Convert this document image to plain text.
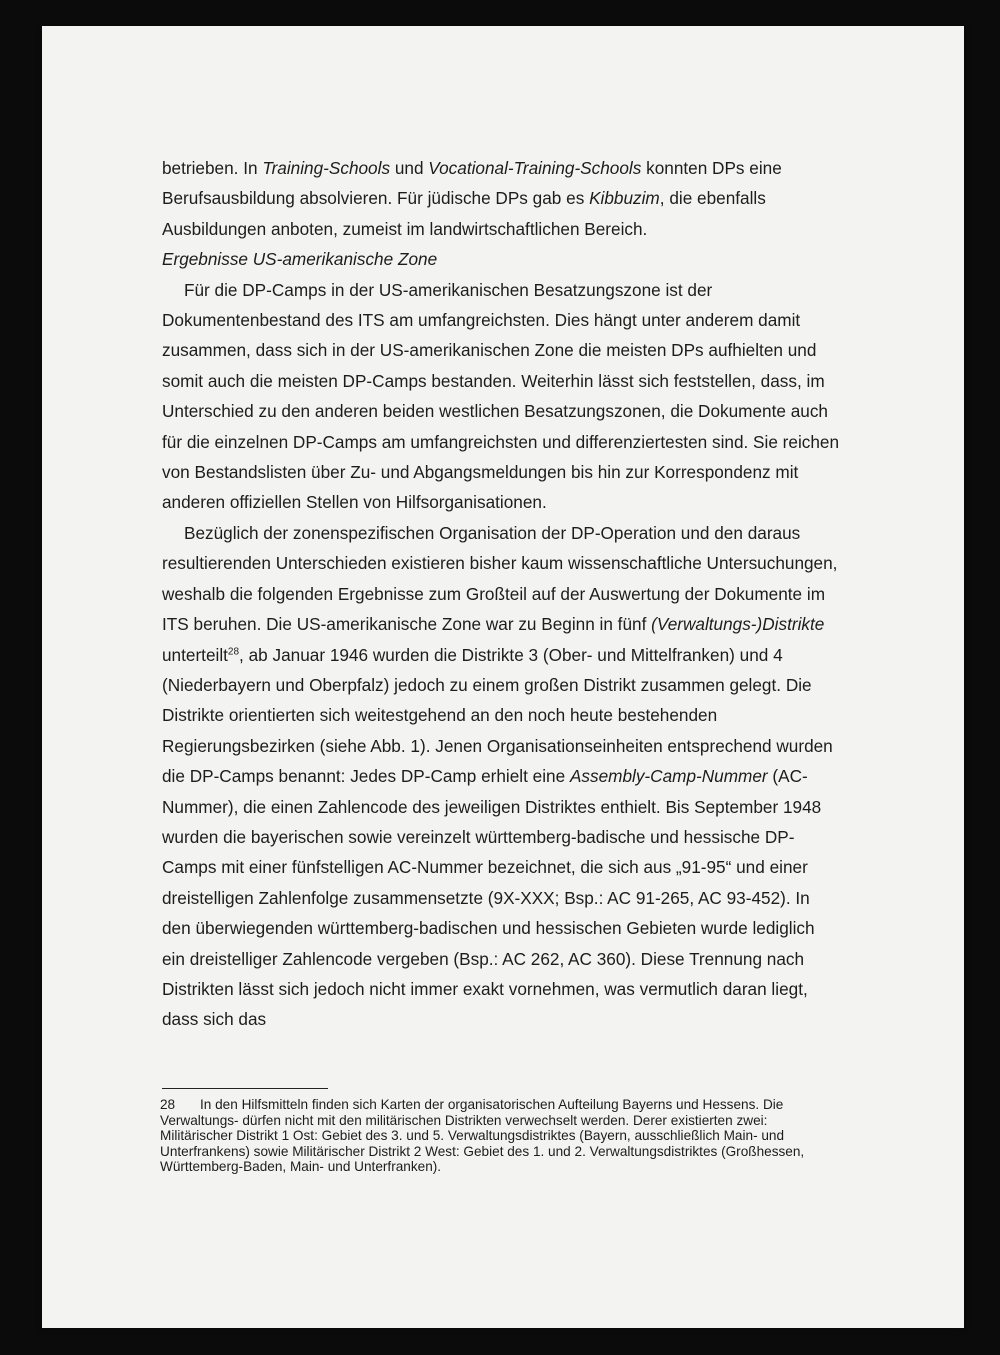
betrieben. In Training-Schools und Vocational-Training-Schools konnten DPs eine Berufsausbildung absolvieren. Für jüdische DPs gab es Kibbuzim, die ebenfalls Ausbildungen anboten, zumeist im landwirtschaftlichen Bereich.

Ergebnisse US-amerikanische Zone

Für die DP-Camps in der US-amerikanischen Besatzungszone ist der Dokumentenbestand des ITS am umfangreichsten. Dies hängt unter anderem damit zusammen, dass sich in der US-amerikanischen Zone die meisten DPs aufhielten und somit auch die meisten DP-Camps bestanden. Weiterhin lässt sich feststellen, dass, im Unterschied zu den anderen beiden westlichen Besatzungszonen, die Dokumente auch für die einzelnen DP-Camps am umfangreichsten und differenziertesten sind. Sie reichen von Bestandslisten über Zu- und Abgangsmeldungen bis hin zur Korrespondenz mit anderen offiziellen Stellen von Hilfsorganisationen.

Bezüglich der zonenspezifischen Organisation der DP-Operation und den daraus resultierenden Unterschieden existieren bisher kaum wissenschaftliche Untersuchungen, weshalb die folgenden Ergebnisse zum Großteil auf der Auswertung der Dokumente im ITS beruhen. Die US-amerikanische Zone war zu Beginn in fünf (Verwaltungs-)Distrikte unterteilt$^{28}$, ab Januar 1946 wurden die Distrikte 3 (Ober- und Mittelfranken) und 4 (Niederbayern und Oberpfalz) jedoch zu einem großen Distrikt zusammen gelegt. Die Distrikte orientierten sich weitestgehend an den noch heute bestehenden Regierungsbezirken (siehe Abb. 1). Jenen Organisationseinheiten entsprechend wurden die DP-Camps benannt: Jedes DP-Camp erhielt eine Assembly-Camp-Nummer (AC-Nummer), die einen Zahlencode des jeweiligen Distriktes enthielt. Bis September 1948 wurden die bayerischen sowie vereinzelt württemberg-badische und hessische DP-Camps mit einer fünfstelligen AC-Nummer bezeichnet, die sich aus „91-95“ und einer dreistelligen Zahlenfolge zusammensetzte (9X-XXX; Bsp.: AC 91-265, AC 93-452). In den überwiegenden württemberg-badischen und hessischen Gebieten wurde lediglich ein dreistelliger Zahlencode vergeben (Bsp.: AC 262, AC 360). Diese Trennung nach Distrikten lässt sich jedoch nicht immer exakt vornehmen, was vermutlich daran liegt, dass sich das

28 In den Hilfsmitteln finden sich Karten der organisatorischen Aufteilung Bayerns und Hessens. Die Verwaltungs- dürfen nicht mit den militärischen Distrikten verwechselt werden. Derer existierten zwei: Militärischer Distrikt 1 Ost: Gebiet des 3. und 5. Verwaltungsdistriktes (Bayern, ausschließlich Main- und Unterfrankens) sowie Militärischer Distrikt 2 West: Gebiet des 1. und 2. Verwaltungsdistriktes (Großhessen, Württemberg-Baden, Main- und Unterfranken).
